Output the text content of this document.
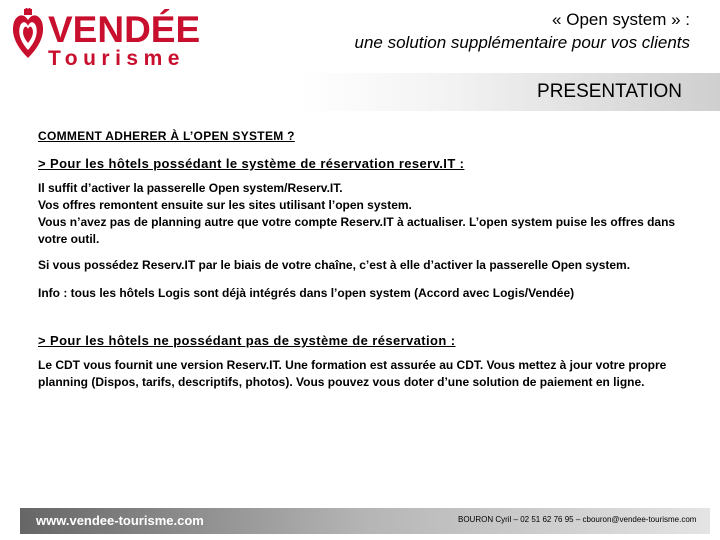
VENDÉE
Tourisme
« Open system » :
une solution supplémentaire pour vos clients
PRESENTATION

COMMENT ADHERER À L’OPEN SYSTEM ?

> Pour les hôtels possédant le système de réservation reserv.IT :

Il suffit d’activer la passerelle Open system/Reserv.IT.

Vos offres remontent ensuite sur les sites utilisant l’open system.

Vous n’avez pas de planning autre que votre compte Reserv.IT à actualiser. L’open system puise les offres dans votre outil.

Si vous possédez Reserv.IT par le biais de votre chaîne, c’est à elle d’activer la passerelle Open system.

Info : tous les hôtels Logis sont déjà intégrés dans l’open system (Accord avec Logis/Vendée)

> Pour les hôtels ne possédant pas de système de réservation :

Le CDT vous fournit une version Reserv.IT. Une formation est assurée au CDT. Vous mettez à jour votre propre planning (Dispos, tarifs, descriptifs, photos). Vous pouvez vous doter d’une solution de paiement en ligne.

www.vendee-tourisme.com	BOURON Cyril – 02 51 62 76 95 – cbouron@vendee-tourisme.com
